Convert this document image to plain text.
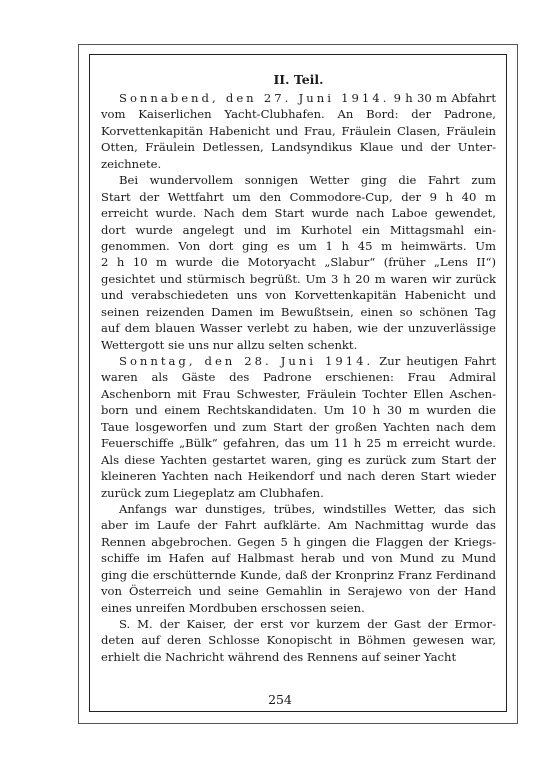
II. Teil.
Sonnabend, den 27. Juni 1914. 9 h 30 m Abfahrt
vom Kaiserlichen Yacht-Clubhafen. An Bord: der Padrone,
Korvettenkapitän Habenicht und Frau, Fräulein Clasen, Fräulein
Otten, Fräulein Detlessen, Landsyndikus Klaue und der Unter-
zeichnete.
Bei wundervollem sonnigen Wetter ging die Fahrt zum
Start der Wettfahrt um den Commodore-Cup, der 9 h 40 m
erreicht wurde. Nach dem Start wurde nach Laboe gewendet,
dort wurde angelegt und im Kurhotel ein Mittagsmahl ein-
genommen. Von dort ging es um 1 h 45 m heimwärts. Um
2 h 10 m wurde die Motoryacht „Slabur“ (früher „Lens II“)
gesichtet und stürmisch begrüßt. Um 3 h 20 m waren wir zurück
und verabschiedeten uns von Korvettenkapitän Habenicht und
seinen reizenden Damen im Bewußtsein, einen so schönen Tag
auf dem blauen Wasser verlebt zu haben, wie der unzuverlässige
Wettergott sie uns nur allzu selten schenkt.
Sonntag, den 28. Juni 1914. Zur heutigen Fahrt
waren als Gäste des Padrone erschienen: Frau Admiral
Aschenborn mit Frau Schwester, Fräulein Tochter Ellen Aschen-
born und einem Rechtskandidaten. Um 10 h 30 m wurden die
Taue losgeworfen und zum Start der großen Yachten nach dem
Feuerschiffe „Bülk“ gefahren, das um 11 h 25 m erreicht wurde.
Als diese Yachten gestartet waren, ging es zurück zum Start der
kleineren Yachten nach Heikendorf und nach deren Start wieder
zurück zum Liegeplatz am Clubhafen.
Anfangs war dunstiges, trübes, windstilles Wetter, das sich
aber im Laufe der Fahrt aufklärte. Am Nachmittag wurde das
Rennen abgebrochen. Gegen 5 h gingen die Flaggen der Kriegs-
schiffe im Hafen auf Halbmast herab und von Mund zu Mund
ging die erschütternde Kunde, daß der Kronprinz Franz Ferdinand
von Österreich und seine Gemahlin in Serajewo von der Hand
eines unreifen Mordbuben erschossen seien.
S. M. der Kaiser, der erst vor kurzem der Gast der Ermor-
deten auf deren Schlosse Konopischt in Böhmen gewesen war,
erhielt die Nachricht während des Rennens auf seiner Yacht
254
